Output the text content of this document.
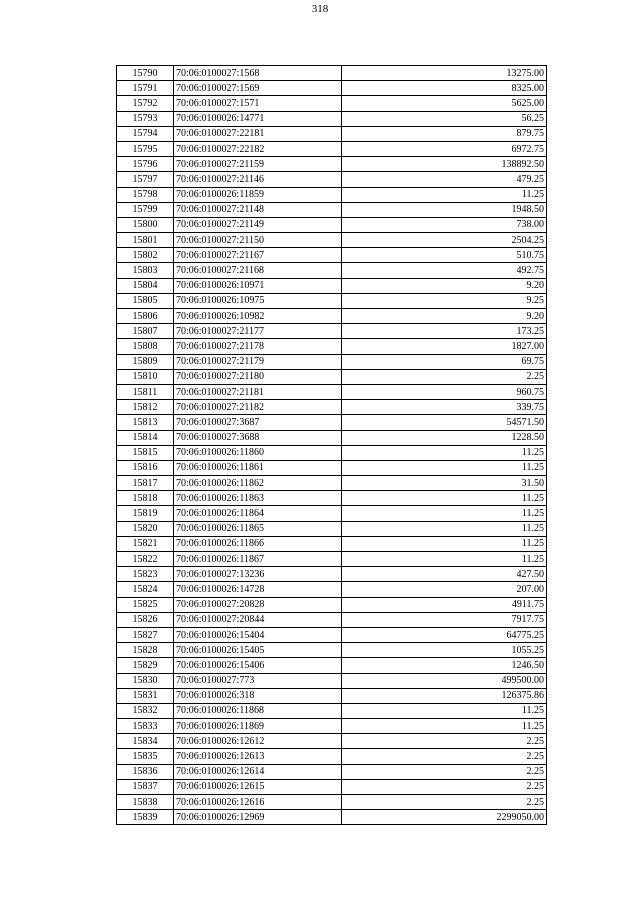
318
15790	70:06:0100027:1568	13275.00
15791	70:06:0100027:1569	8325.00
15792	70:06:0100027:1571	5625.00
15793	70:06:0100026:14771	56.25
15794	70:06:0100027:22181	879.75
15795	70:06:0100027:22182	6972.75
15796	70:06:0100027:21159	138892.50
15797	70:06:0100027:21146	479.25
15798	70:06:0100026:11859	11.25
15799	70:06:0100027:21148	1948.50
15800	70:06:0100027:21149	738.00
15801	70:06:0100027:21150	2504.25
15802	70:06:0100027:21167	510.75
15803	70:06:0100027:21168	492.75
15804	70:06:0100026:10971	9.20
15805	70:06:0100026:10975	9.25
15806	70:06:0100026:10982	9.20
15807	70:06:0100027:21177	173.25
15808	70:06:0100027:21178	1827.00
15809	70:06:0100027:21179	69.75
15810	70:06:0100027:21180	2.25
15811	70:06:0100027:21181	960.75
15812	70:06:0100027:21182	339.75
15813	70:06:0100027:3687	54571.50
15814	70:06:0100027:3688	1228.50
15815	70:06:0100026:11860	11.25
15816	70:06:0100026:11861	11.25
15817	70:06:0100026:11862	31.50
15818	70:06:0100026:11863	11.25
15819	70:06:0100026:11864	11.25
15820	70:06:0100026:11865	11.25
15821	70:06:0100026:11866	11.25
15822	70:06:0100026:11867	11.25
15823	70:06:0100027:13236	427.50
15824	70:06:0100026:14728	207.00
15825	70:06:0100027:20828	4911.75
15826	70:06:0100027:20844	7917.75
15827	70:06:0100026:15404	64775.25
15828	70:06:0100026:15405	1055.25
15829	70:06:0100026:15406	1246.50
15830	70:06:0100027:773	499500.00
15831	70:06:0100026:318	126375.86
15832	70:06:0100026:11868	11.25
15833	70:06:0100026:11869	11.25
15834	70:06:0100026:12612	2.25
15835	70:06:0100026:12613	2.25
15836	70:06:0100026:12614	2.25
15837	70:06:0100026:12615	2.25
15838	70:06:0100026:12616	2.25
15839	70:06:0100026:12969	2299050.00
